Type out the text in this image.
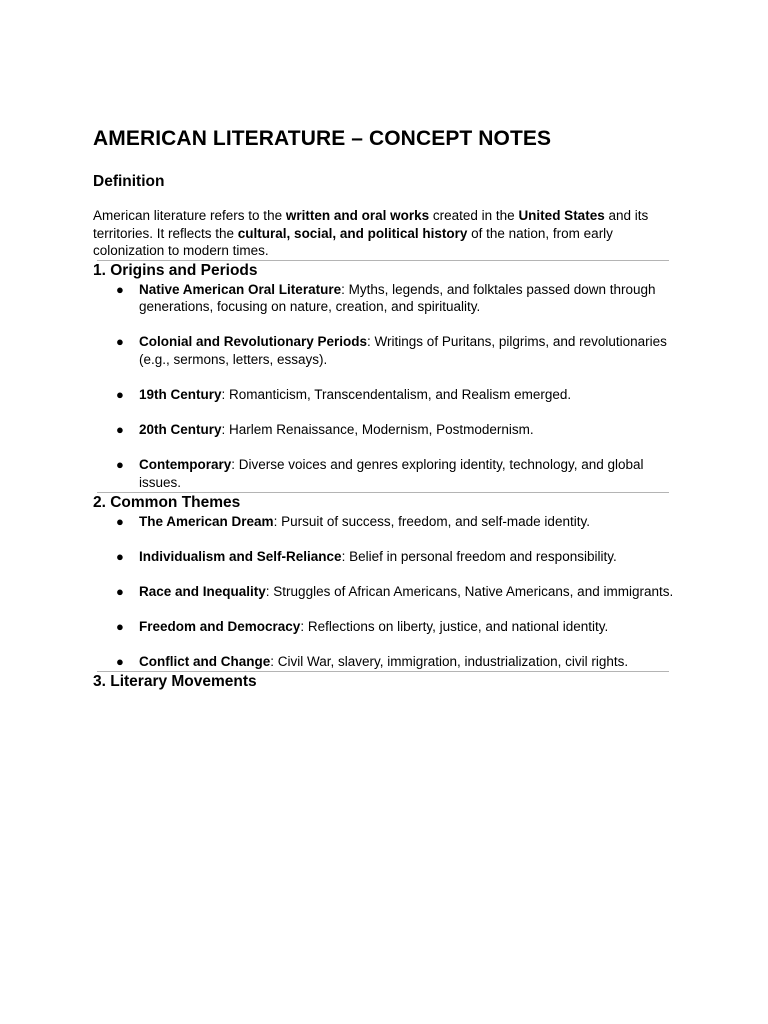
AMERICAN LITERATURE – CONCEPT NOTES
Definition

American literature refers to the written and oral works created in the United States and its territories. It reflects the cultural, social, and political history of the nation, from early colonization to modern times.

1. Origins and Periods
● Native American Oral Literature: Myths, legends, and folktales passed down through generations, focusing on nature, creation, and spirituality.
● Colonial and Revolutionary Periods: Writings of Puritans, pilgrims, and revolutionaries (e.g., sermons, letters, essays).
● 19th Century: Romanticism, Transcendentalism, and Realism emerged.
● 20th Century: Harlem Renaissance, Modernism, Postmodernism.
● Contemporary: Diverse voices and genres exploring identity, technology, and global issues.
2. Common Themes
● The American Dream: Pursuit of success, freedom, and self-made identity.
● Individualism and Self-Reliance: Belief in personal freedom and responsibility.
● Race and Inequality: Struggles of African Americans, Native Americans, and immigrants.
● Freedom and Democracy: Reflections on liberty, justice, and national identity.
● Conflict and Change: Civil War, slavery, immigration, industrialization, civil rights.
3. Literary Movements
